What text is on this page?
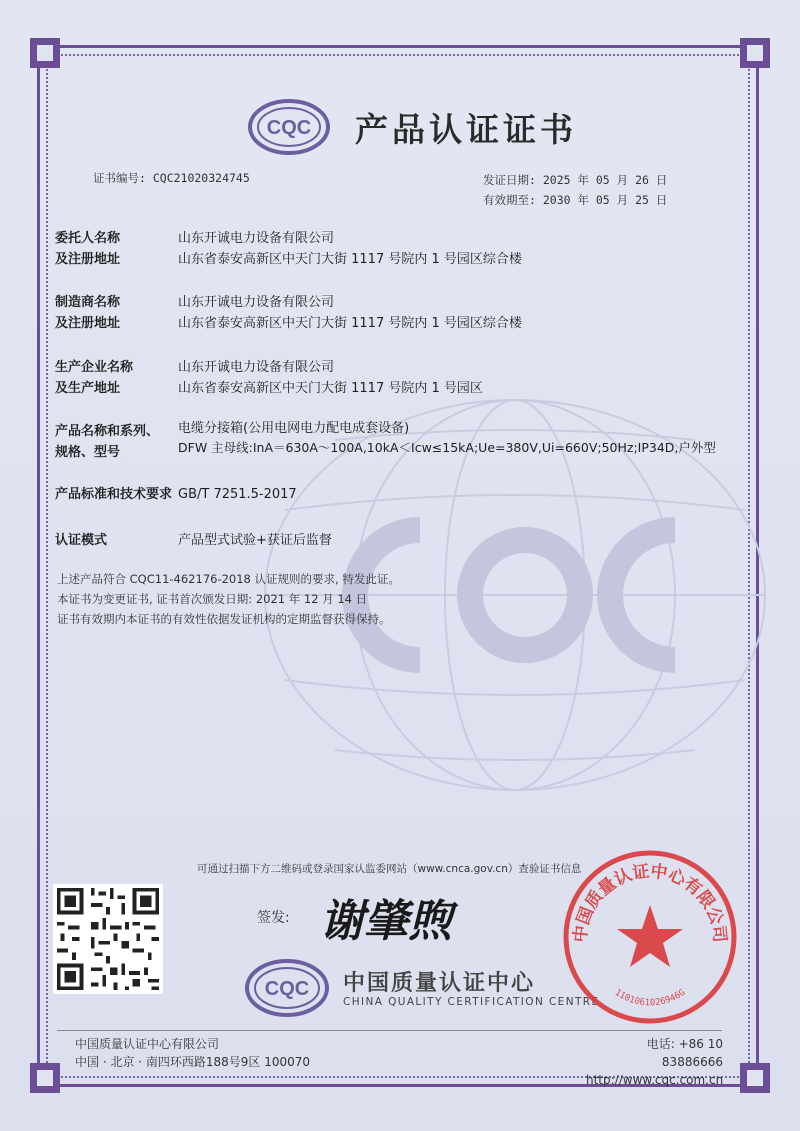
CQC 产品认证证书
证书编号: CQC21020324745	发证日期: 2025 年 05 月 26 日
有效期至: 2030 年 05 月 25 日
委托人名称
及注册地址
山东开诚电力设备有限公司
山东省泰安高新区中天门大街 1117 号院内 1 号园区综合楼
制造商名称
及注册地址
山东开诚电力设备有限公司
山东省泰安高新区中天门大街 1117 号院内 1 号园区综合楼
生产企业名称
及生产地址
山东开诚电力设备有限公司
山东省泰安高新区中天门大街 1117 号院内 1 号园区
产品名称和系列、
规格、型号
电缆分接箱(公用电网电力配电成套设备)
DFW 主母线:InA＝630A～100A,10kA＜Icw≤15kA;Ue=380V,Ui=660V;50Hz;IP34D,户外型
产品标准和技术要求 GB/T 7251.5-2017
认证模式	产品型式试验+获证后监督
上述产品符合 CQC11-462176-2018 认证规则的要求, 特发此证。
本证书为变更证书, 证书首次颁发日期: 2021 年 12 月 14 日
证书有效期内本证书的有效性依据发证机构的定期监督获得保持。
可通过扫描下方二维码或登录国家认监委网站（www.cnca.gov.cn）查验证书信息
签发: 谢肇煦
CQC 中国质量认证中心
CHINA QUALITY CERTIFICATION CENTRE
中国质量认证中心有限公司
1101061026946G
中国质量认证中心有限公司
中国 · 北京 · 南四环西路188号9区 100070
电话: +86 10 83886666
http://www.cqc.com.cn
